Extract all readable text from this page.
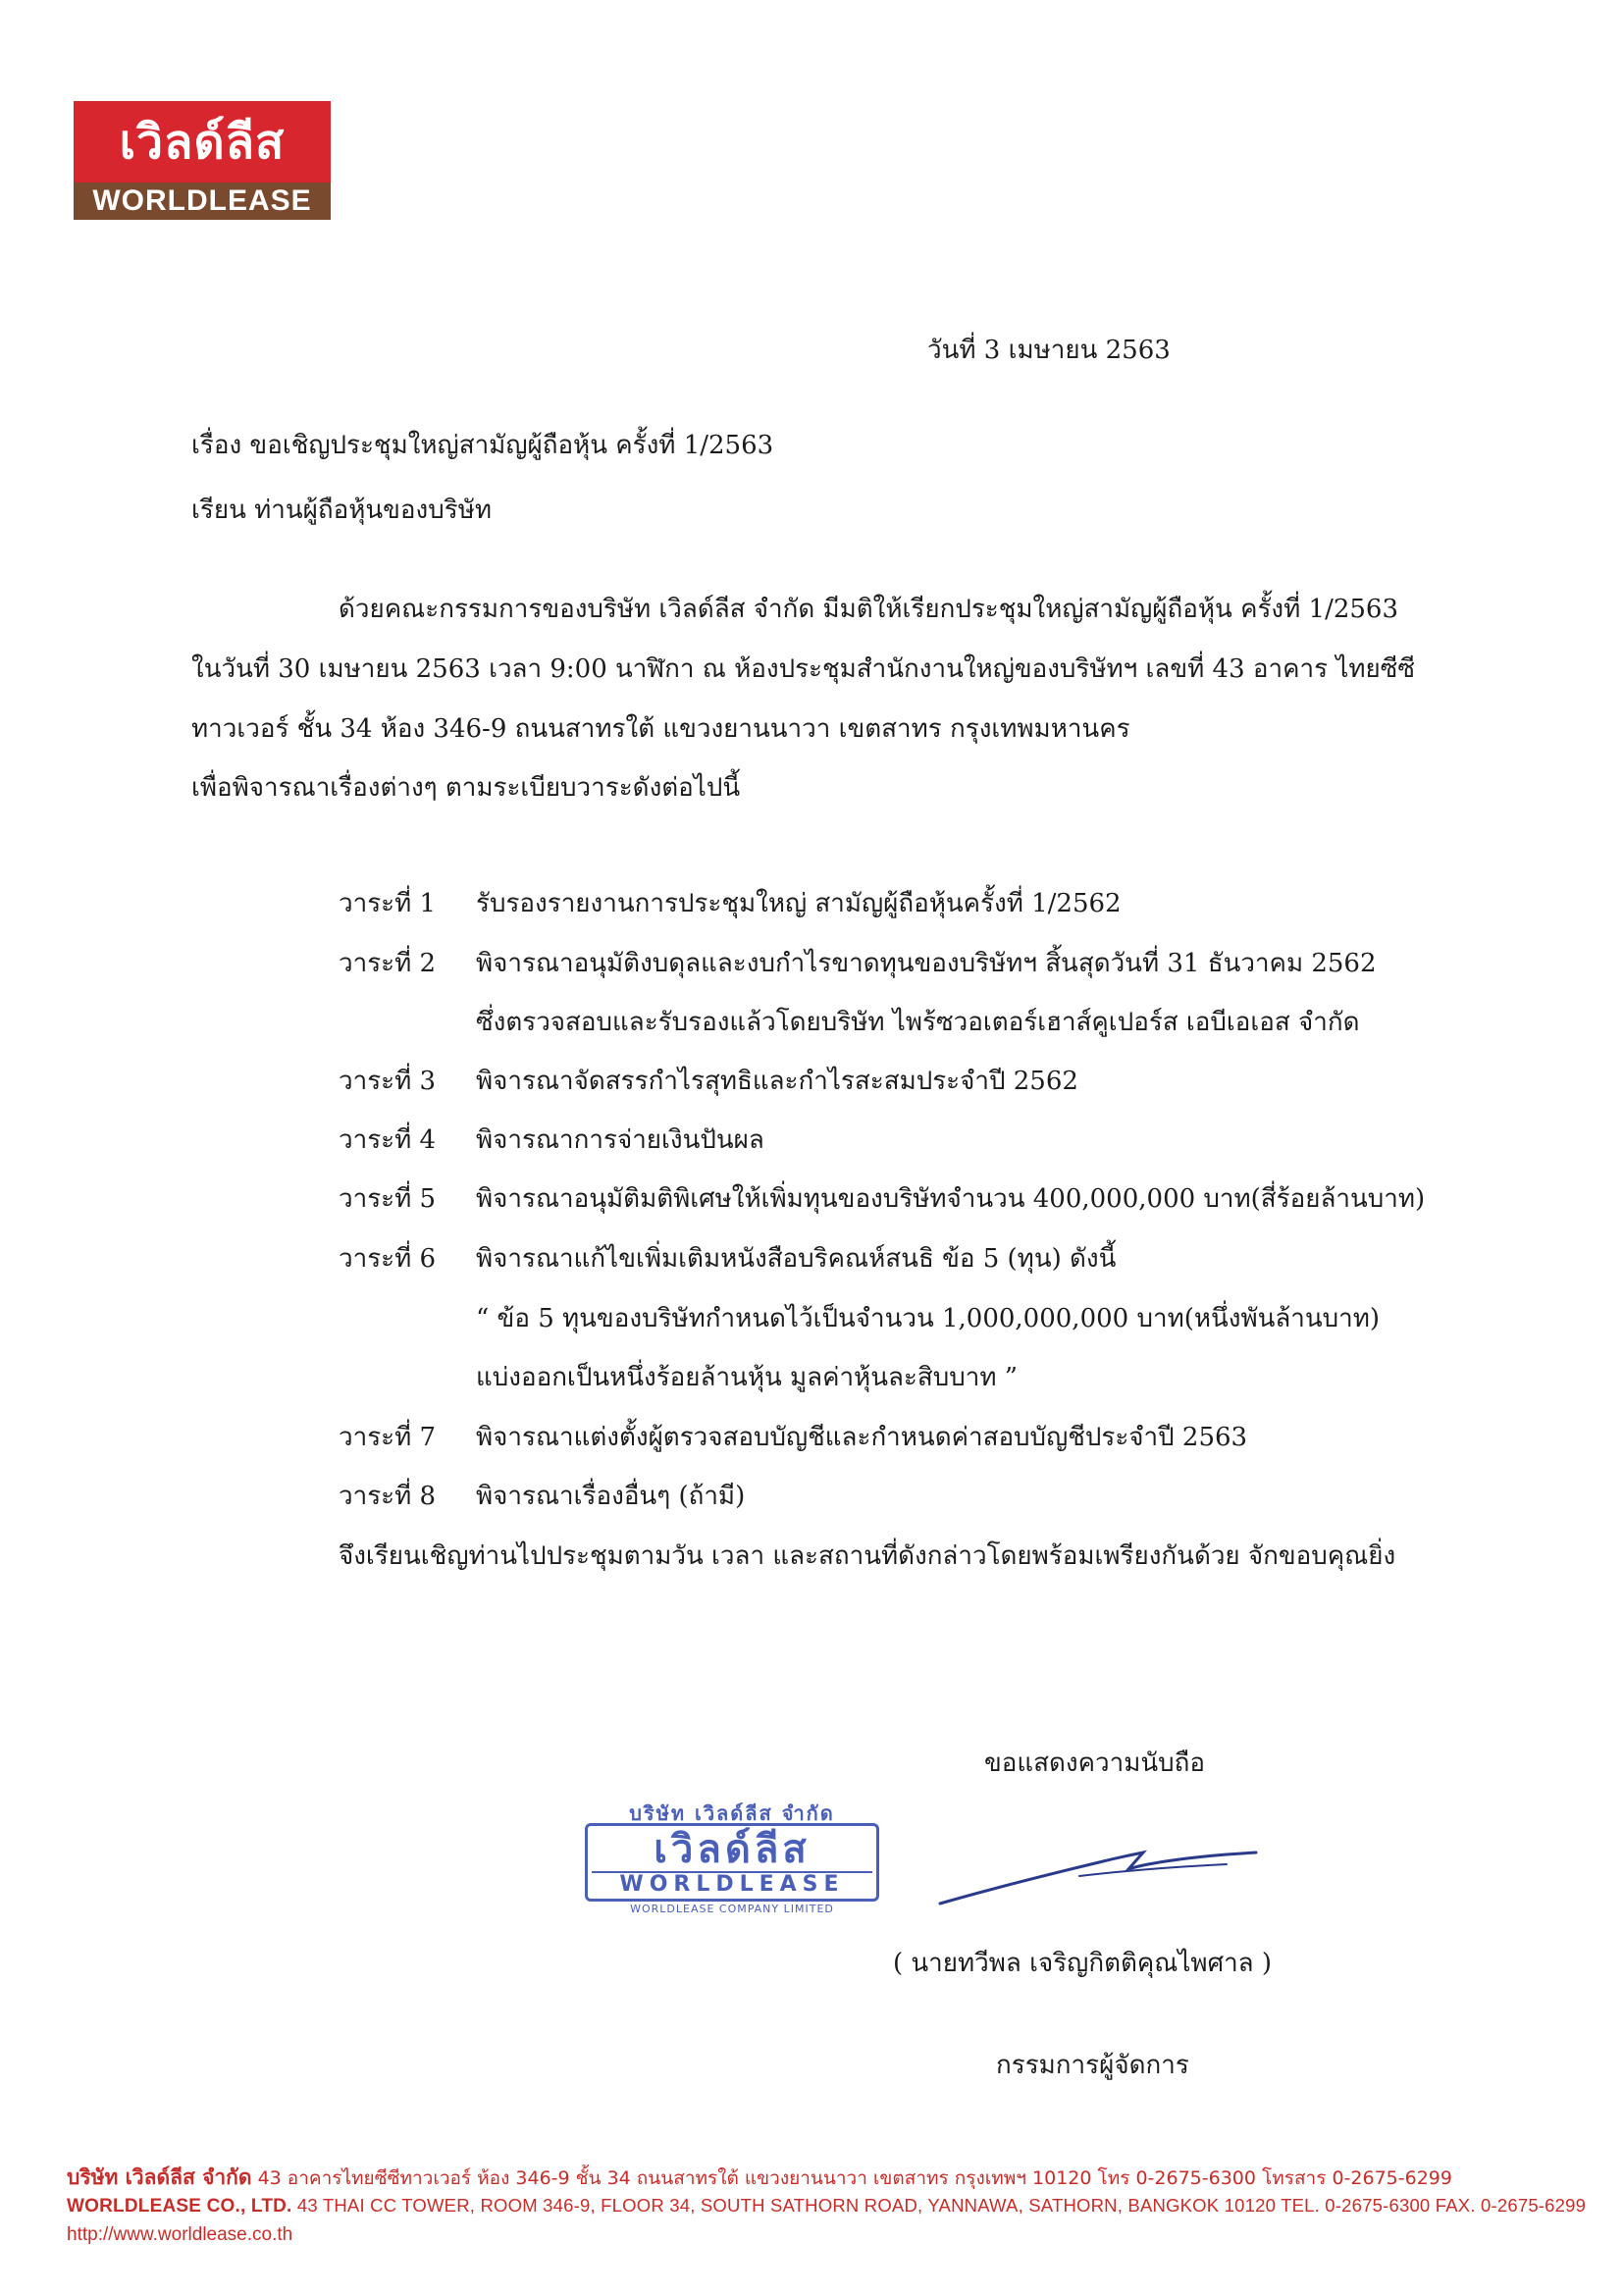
เวิลด์ลีส
WORLDLEASE
วันที่ 3 เมษายน 2563
เรื่อง ขอเชิญประชุมใหญ่สามัญผู้ถือหุ้น ครั้งที่ 1/2563
เรียน ท่านผู้ถือหุ้นของบริษัท
ด้วยคณะกรรมการของบริษัท เวิลด์ลีส จำกัด มีมติให้เรียกประชุมใหญ่สามัญผู้ถือหุ้น ครั้งที่ 1/2563
ในวันที่ 30 เมษายน 2563 เวลา 9:00 นาฬิกา ณ ห้องประชุมสำนักงานใหญ่ของบริษัทฯ เลขที่ 43 อาคาร ไทยซีซี
ทาวเวอร์ ชั้น 34 ห้อง 346-9 ถนนสาทรใต้ แขวงยานนาวา เขตสาทร กรุงเทพมหานคร
เพื่อพิจารณาเรื่องต่างๆ ตามระเบียบวาระดังต่อไปนี้
วาระที่ 1 รับรองรายงานการประชุมใหญ่ สามัญผู้ถือหุ้นครั้งที่ 1/2562
วาระที่ 2 พิจารณาอนุมัติงบดุลและงบกำไรขาดทุนของบริษัทฯ สิ้นสุดวันที่ 31 ธันวาคม 2562
ซึ่งตรวจสอบและรับรองแล้วโดยบริษัท ไพร้ซวอเตอร์เฮาส์คูเปอร์ส เอบีเอเอส จำกัด
วาระที่ 3 พิจารณาจัดสรรกำไรสุทธิและกำไรสะสมประจำปี 2562
วาระที่ 4 พิจารณาการจ่ายเงินปันผล
วาระที่ 5 พิจารณาอนุมัติมติพิเศษให้เพิ่มทุนของบริษัทจำนวน 400,000,000 บาท(สี่ร้อยล้านบาท)
วาระที่ 6 พิจารณาแก้ไขเพิ่มเติมหนังสือบริคณห์สนธิ ข้อ 5 (ทุน) ดังนี้
“ ข้อ 5 ทุนของบริษัทกำหนดไว้เป็นจำนวน 1,000,000,000 บาท(หนึ่งพันล้านบาท)
แบ่งออกเป็นหนึ่งร้อยล้านหุ้น มูลค่าหุ้นละสิบบาท ”
วาระที่ 7 พิจารณาแต่งตั้งผู้ตรวจสอบบัญชีและกำหนดค่าสอบบัญชีประจำปี 2563
วาระที่ 8 พิจารณาเรื่องอื่นๆ (ถ้ามี)
จึงเรียนเชิญท่านไปประชุมตามวัน เวลา และสถานที่ดังกล่าวโดยพร้อมเพรียงกันด้วย จักขอบคุณยิ่ง
ขอแสดงความนับถือ
บริษัท เวิลด์ลีส จำกัด
เวิลด์ลีส
WORLDLEASE
WORLDLEASE COMPANY LIMITED
( นายทวีพล เจริญกิตติคุณไพศาล )
กรรมการผู้จัดการ
บริษัท เวิลด์ลีส จำกัด 43 อาคารไทยซีซีทาวเวอร์ ห้อง 346-9 ชั้น 34 ถนนสาทรใต้ แขวงยานนาวา เขตสาทร กรุงเทพฯ 10120 โทร 0-2675-6300 โทรสาร 0-2675-6299
WORLDLEASE CO., LTD. 43 THAI CC TOWER, ROOM 346-9, FLOOR 34, SOUTH SATHORN ROAD, YANNAWA, SATHORN, BANGKOK 10120 TEL. 0-2675-6300 FAX. 0-2675-6299
http://www.worldlease.co.th
